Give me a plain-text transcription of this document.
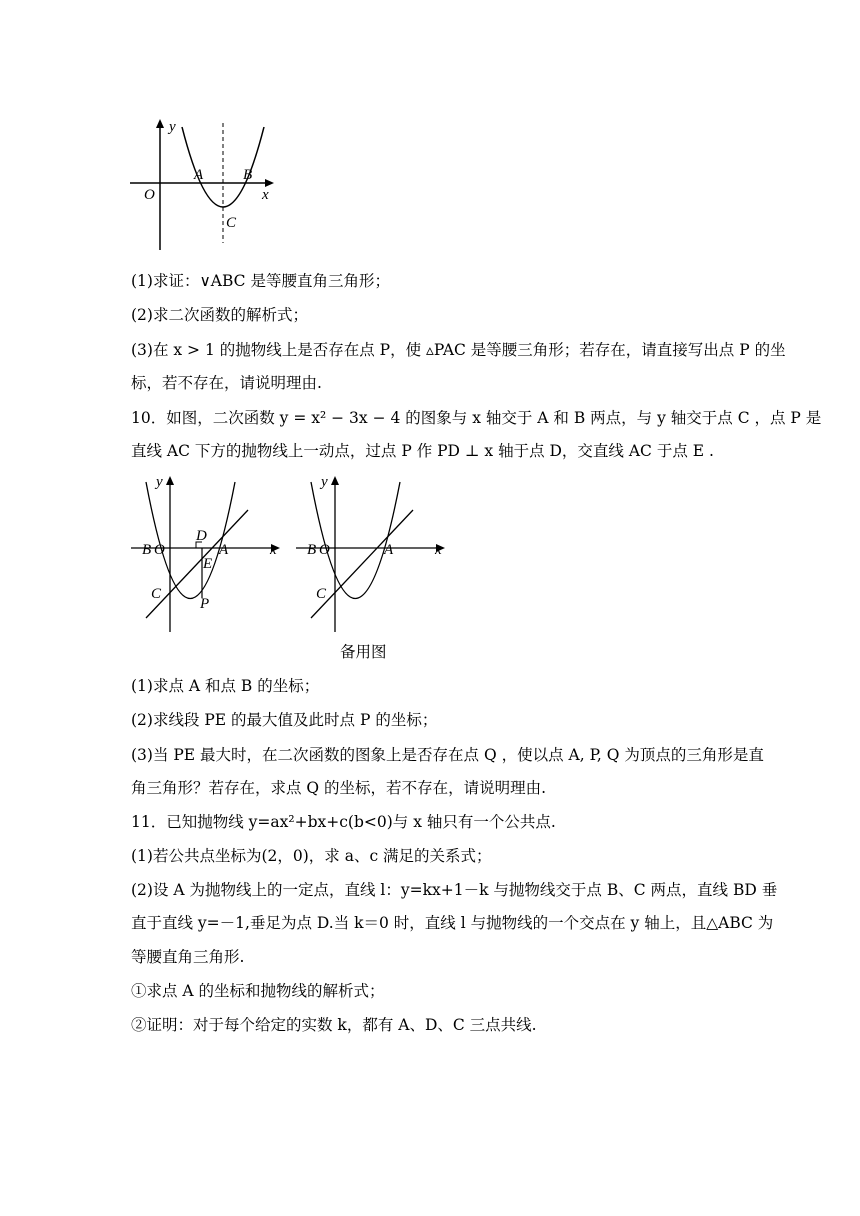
y
O
A	B
C
x
(1)求证：∨ABC 是等腰直角三角形；
(2)求二次函数的解析式；
(3)在 x > 1 的抛物线上是否存在点 P，使 ▵PAC 是等腰三角形；若存在，请直接写出点 P 的坐
标，若不存在，请说明理由.
10．如图，二次函数 y = x² − 3x − 4 的图象与 x 轴交于 A 和 B 两点，与 y 轴交于点 C ，点 P 是
直线 AC 下方的抛物线上一动点，过点 P 作 PD ⊥ x 轴于点 D，交直线 AC 于点 E .
y
B O
D
A	x
E
C
P
y
B O	A	x
C
备用图
(1)求点 A 和点 B 的坐标；
(2)求线段 PE 的最大值及此时点 P 的坐标；
(3)当 PE 最大时，在二次函数的图象上是否存在点 Q ，使以点 A, P, Q 为顶点的三角形是直
角三角形？若存在，求点 Q 的坐标，若不存在，请说明理由.
11．已知抛物线 y=ax²+bx+c(b<0)与 x 轴只有一个公共点.
(1)若公共点坐标为(2，0)，求 a、c 满足的关系式；
(2)设 A 为抛物线上的一定点，直线 l：y=kx+1－k 与抛物线交于点 B、C 两点，直线 BD 垂
直于直线 y=－1,垂足为点 D.当 k＝0 时，直线 l 与抛物线的一个交点在 y 轴上，且△ABC 为
等腰直角三角形.
①求点 A 的坐标和抛物线的解析式；
②证明：对于每个给定的实数 k，都有 A、D、C 三点共线.
